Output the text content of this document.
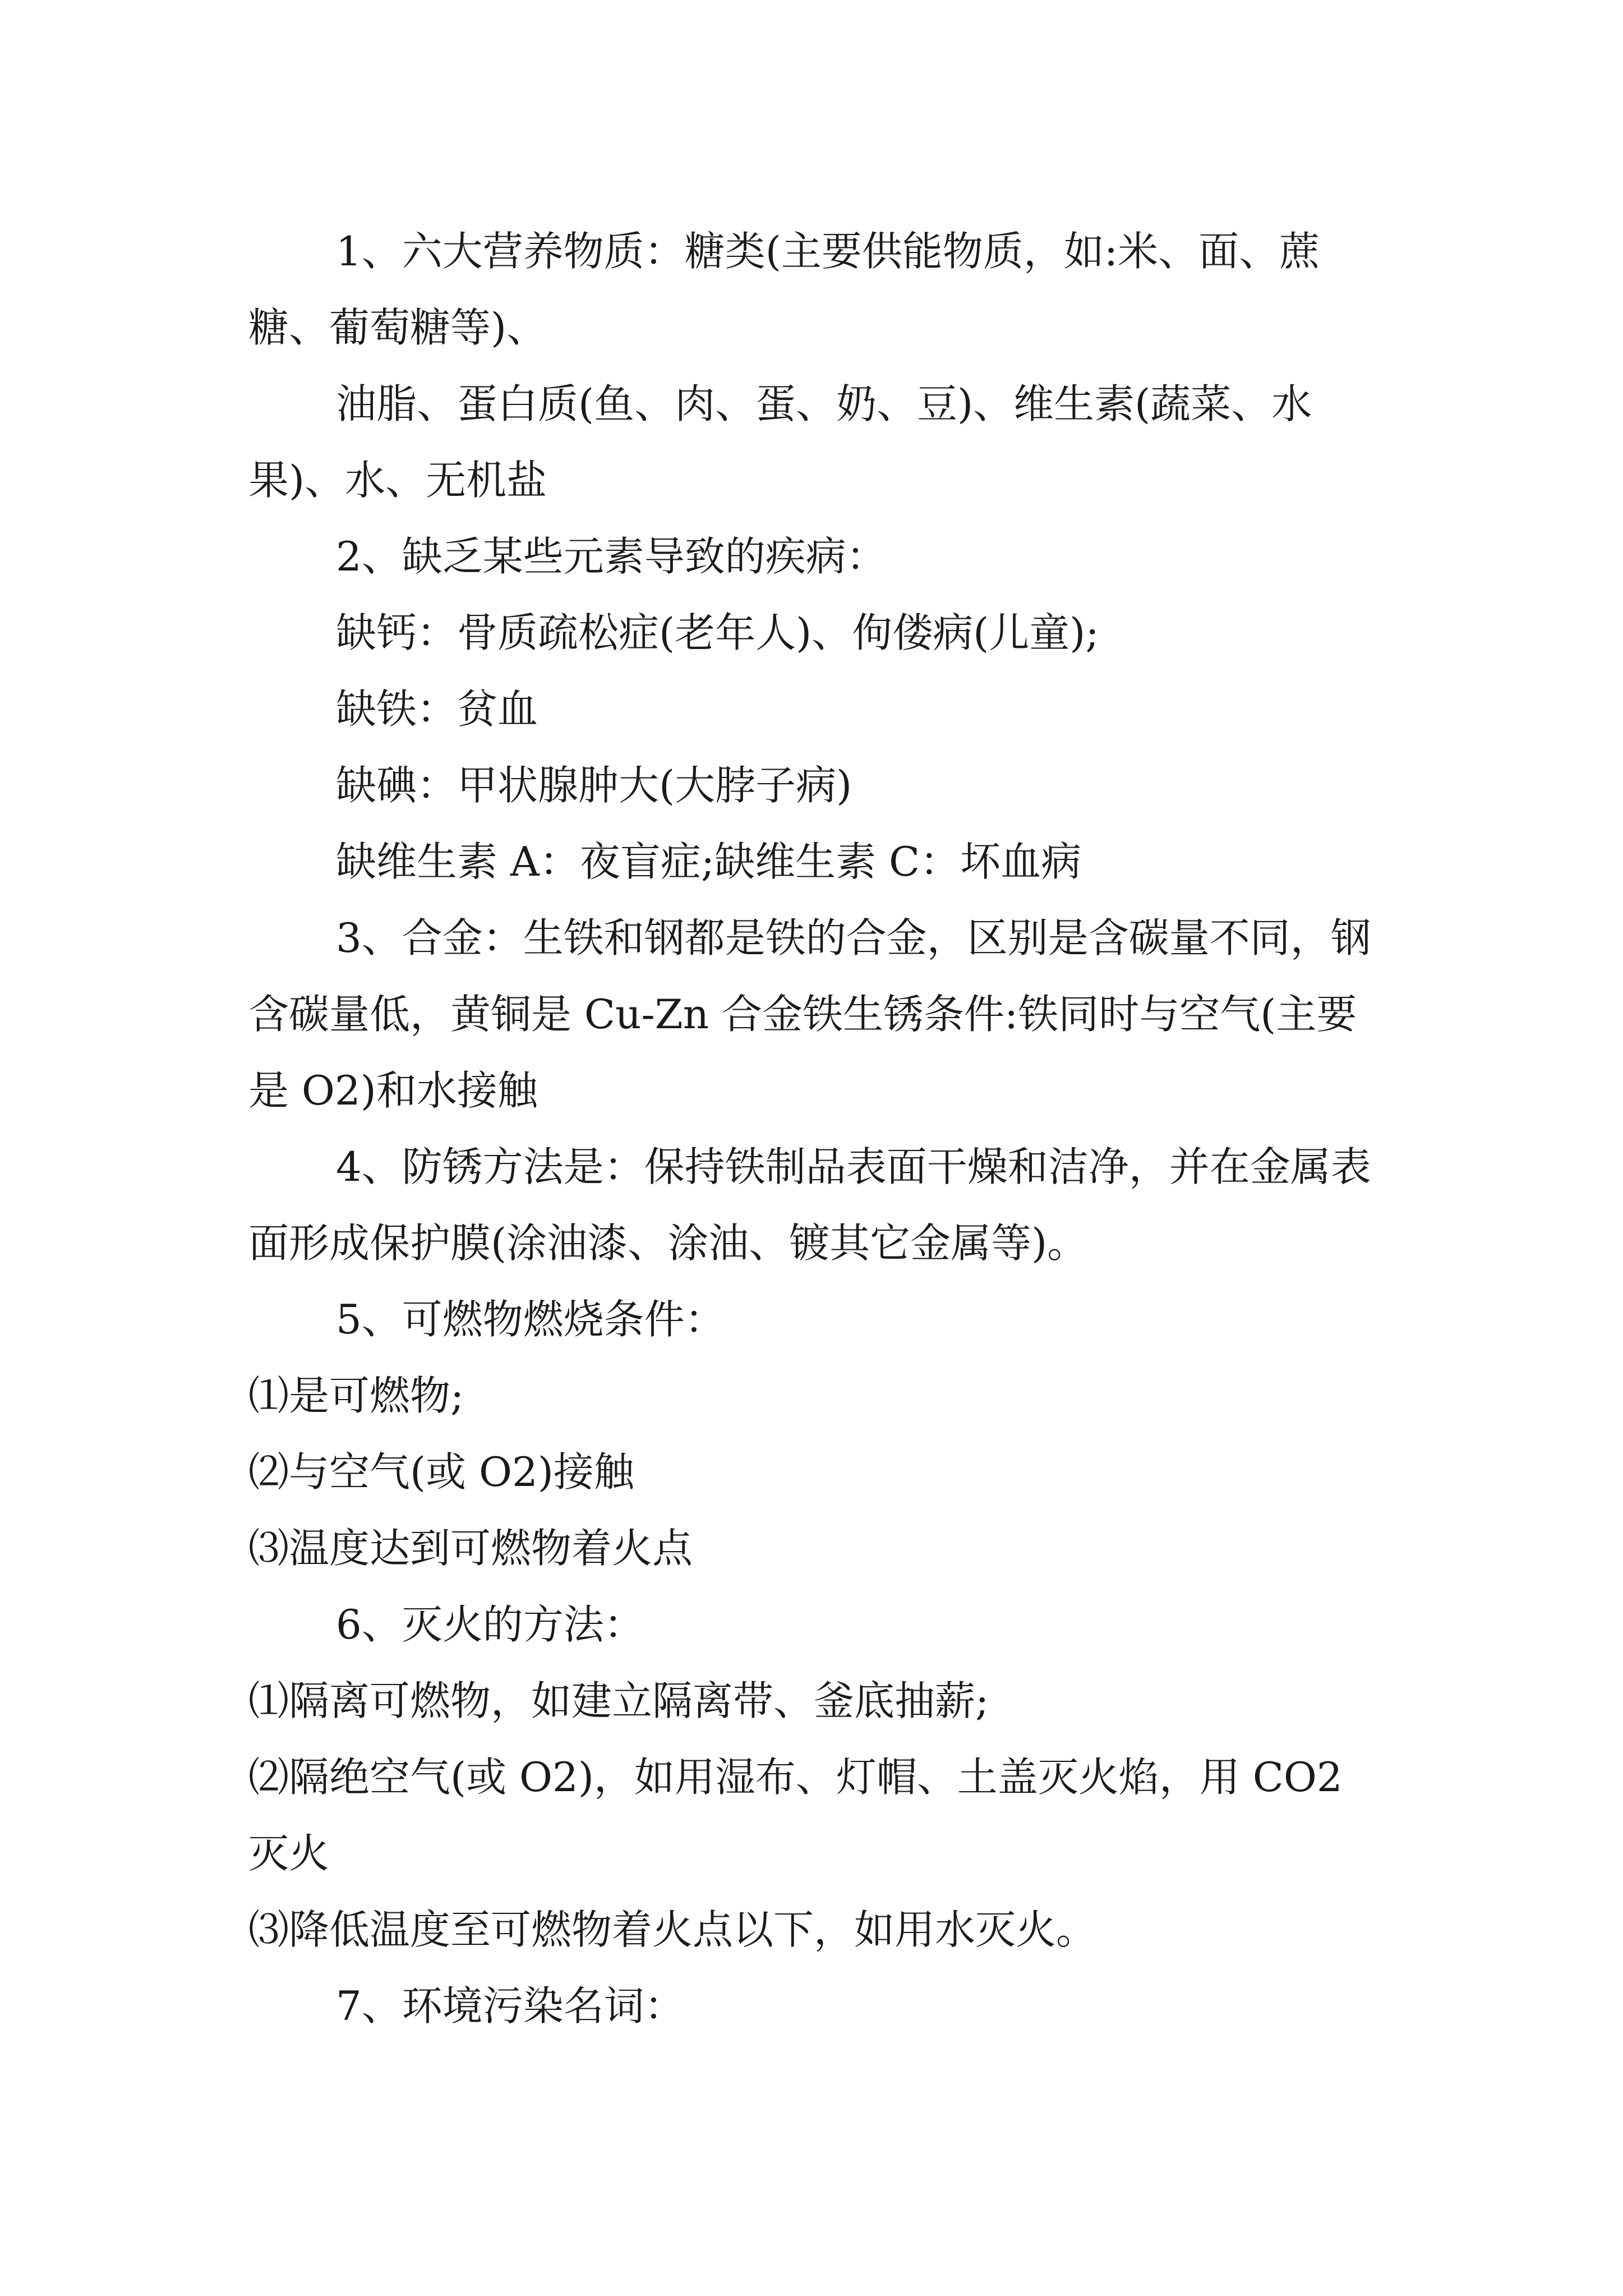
1、六大营养物质：糖类(主要供能物质，如:米、面、蔗糖、葡萄糖等)、

油脂、蛋白质(鱼、肉、蛋、奶、豆)、维生素(蔬菜、水果)、水、无机盐

2、缺乏某些元素导致的疾病：

缺钙：骨质疏松症(老年人)、佝偻病(儿童);

缺铁：贫血

缺碘：甲状腺肿大(大脖子病)

缺维生素 A：夜盲症;缺维生素 C：坏血病

3、合金：生铁和钢都是铁的合金，区别是含碳量不同，钢含碳量低，黄铜是 Cu-Zn 合金铁生锈条件:铁同时与空气(主要是 O2)和水接触

4、防锈方法是：保持铁制品表面干燥和洁净，并在金属表面形成保护膜(涂油漆、涂油、镀其它金属等)。

5、可燃物燃烧条件：

⑴是可燃物;

⑵与空气(或 O2)接触

⑶温度达到可燃物着火点

6、灭火的方法：

⑴隔离可燃物，如建立隔离带、釜底抽薪;

⑵隔绝空气(或 O2)，如用湿布、灯帽、土盖灭火焰，用 CO2 灭火

⑶降低温度至可燃物着火点以下，如用水灭火。

7、环境污染名词：
